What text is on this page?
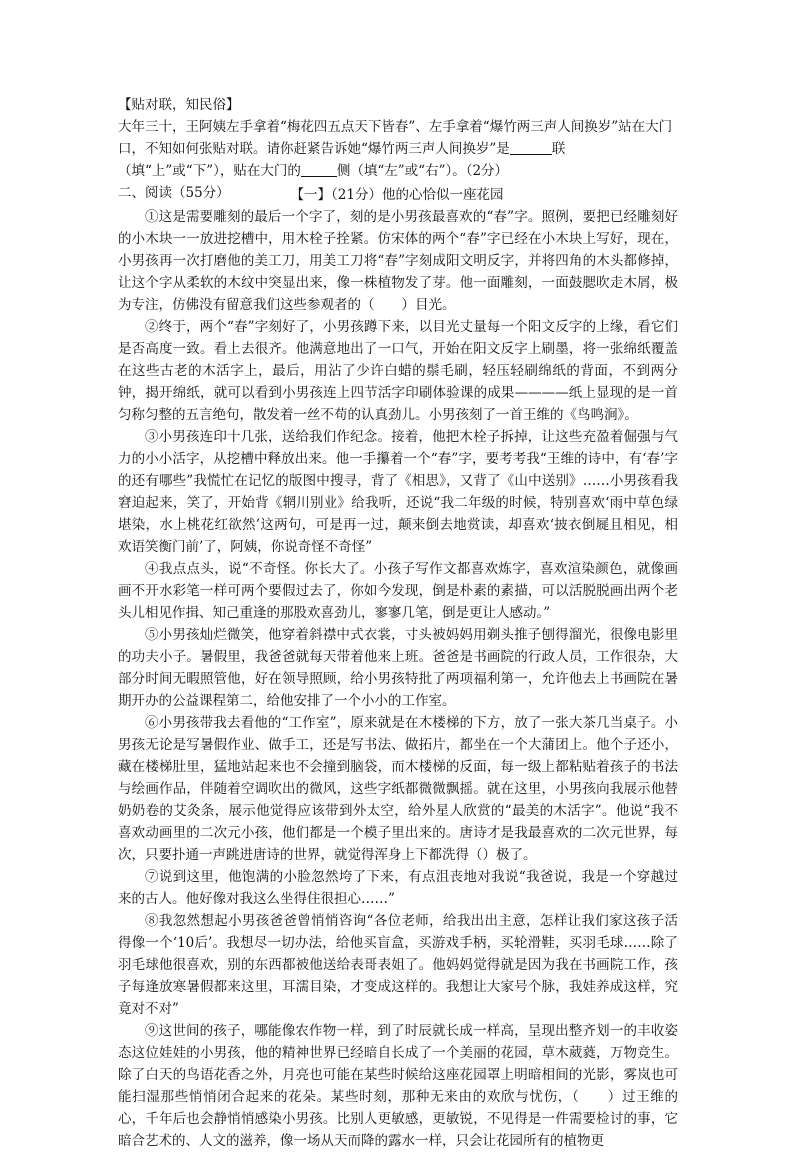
【贴对联，知民俗】

大年三十，王阿姨左手拿着“梅花四五点天下皆春”、左手拿着“爆竹两三声人间换岁”站在大门口，不知如何张贴对联。请你赶紧告诉她“爆竹两三声人间换岁”是	联（填“上”或“下”），贴在大门的	侧（填“左”或“右”）。（2分）

二、阅读（55分）	【一】（21分）他的心恰似一座花园

①这是需要雕刻的最后一个字了，刻的是小男孩最喜欢的“春”字。照例，要把已经雕刻好的小木块一一放进挖槽中，用木栓子拴紧。仿宋体的两个“春”字已经在小木块上写好，现在，小男孩再一次打磨他的美工刀，用美工刀将“春”字刻成阳文明反字，并将四角的木头都修掉，让这个字从柔软的木纹中突显出来，像一株植物发了芽。他一面雕刻，一面鼓腮吹走木屑，极为专注，仿佛没有留意我们这些参观者的（　　）目光。

②终于，两个“春”字刻好了，小男孩蹲下来，以目光丈量每一个阳文反字的上缘，看它们是否高度一致。看上去很齐。他满意地出了一口气，开始在阳文反字上刷墨，将一张绵纸覆盖在这些古老的木活字上，最后，用沾了少许白蜡的鬃毛刷，轻压轻刷绵纸的背面，不到两分钟，揭开绵纸，就可以看到小男孩连上四节活字印刷体验课的成果————纸上显现的是一首匀称匀整的五言绝句，散发着一丝不苟的认真劲儿。小男孩刻了一首王维的《鸟鸣涧》。

③小男孩连印十几张，送给我们作纪念。接着，他把木栓子拆掉，让这些充盈着倔强与气力的小小活字，从挖槽中释放出来。他一手攥着一个“春”字，要考考我“王维的诗中，有‘春’字的还有哪些”我慌忙在记忆的版图中搜寻，背了《相思》，又背了《山中送别》……小男孩看我窘迫起来，笑了，开始背《辋川别业》给我听，还说“我二年级的时候，特别喜欢‘雨中草色绿堪染，水上桃花红欲然’这两句，可是再一过，颠来倒去地赏读，却喜欢‘披衣倒屣且相见，相欢语笑衡门前’了，阿姨，你说奇怪不奇怪”

④我点点头，说“不奇怪。你长大了。小孩子写作文都喜欢炼字，喜欢渲染颜色，就像画画不开水彩笔一样可两个要假过去了，你如今发现，倒是朴素的素描，可以活脱脱画出两个老头儿相见作揖、知己重逢的那股欢喜劲儿，寥寥几笔，倒是更让人感动。”

⑤小男孩灿烂微笑，他穿着斜襟中式衣裳，寸头被妈妈用剃头推子刨得溜光，很像电影里的功夫小子。暑假里，我爸爸就每天带着他来上班。爸爸是书画院的行政人员，工作很杂，大部分时间无暇照管他，好在领导照顾，给小男孩特批了两项福利第一，允许他去上书画院在暑期开办的公益课程第二，给他安排了一个小小的工作室。

⑥小男孩带我去看他的“工作室”，原来就是在木楼梯的下方，放了一张大茶几当桌子。小男孩无论是写暑假作业、做手工，还是写书法、做拓片，都坐在一个大蒲团上。他个子还小，藏在楼梯肚里，猛地站起来也不会撞到脑袋，而木楼梯的反面，每一级上都粘贴着孩子的书法与绘画作品，伴随着空调吹出的微风，这些字纸都微微飘摇。就在这里，小男孩向我展示他替奶奶卷的艾灸条，展示他觉得应该带到外太空，给外星人欣赏的“最美的木活字”。他说“我不喜欢动画里的二次元小孩，他们都是一个模子里出来的。唐诗才是我最喜欢的二次元世界，每次，只要扑通一声跳进唐诗的世界，就觉得浑身上下都洗得（）极了。

⑦说到这里，他饱满的小脸忽然垮了下来，有点沮丧地对我说“我爸说，我是一个穿越过来的古人。他好像对我这么坐得住很担心……”

⑧我忽然想起小男孩爸爸曾悄悄咨询“各位老师，给我出出主意，怎样让我们家这孩子活得像一个‘10后’。我想尽一切办法，给他买盲盒，买游戏手柄，买轮滑鞋，买羽毛球……除了羽毛球他很喜欢，别的东西都被他送给表哥表姐了。他妈妈觉得就是因为我在书画院工作，孩子每逢放寒暑假都来这里，耳濡目染，才变成这样的。我想让大家号个脉，我娃养成这样，究竟对不对”

⑨这世间的孩子，哪能像农作物一样，到了时辰就长成一样高，呈现出整齐划一的丰收姿态这位娃娃的小男孩，他的精神世界已经暗自长成了一个美丽的花园，草木葳蕤，万物竞生。除了白天的鸟语花香之外，月亮也可能在某些时候给这座花园罩上明暗相间的光影，雾岚也可能扫湿那些悄悄闭合起来的花朵。某些时刻，那种无来由的欢欣与忧伤，（　　）过王维的心，千年后也会静悄悄感染小男孩。比别人更敏感，更敏锐，不见得是一件需要检讨的事，它暗合艺术的、人文的滋养，像一场从天而降的露水一样，只会让花园所有的植物更
